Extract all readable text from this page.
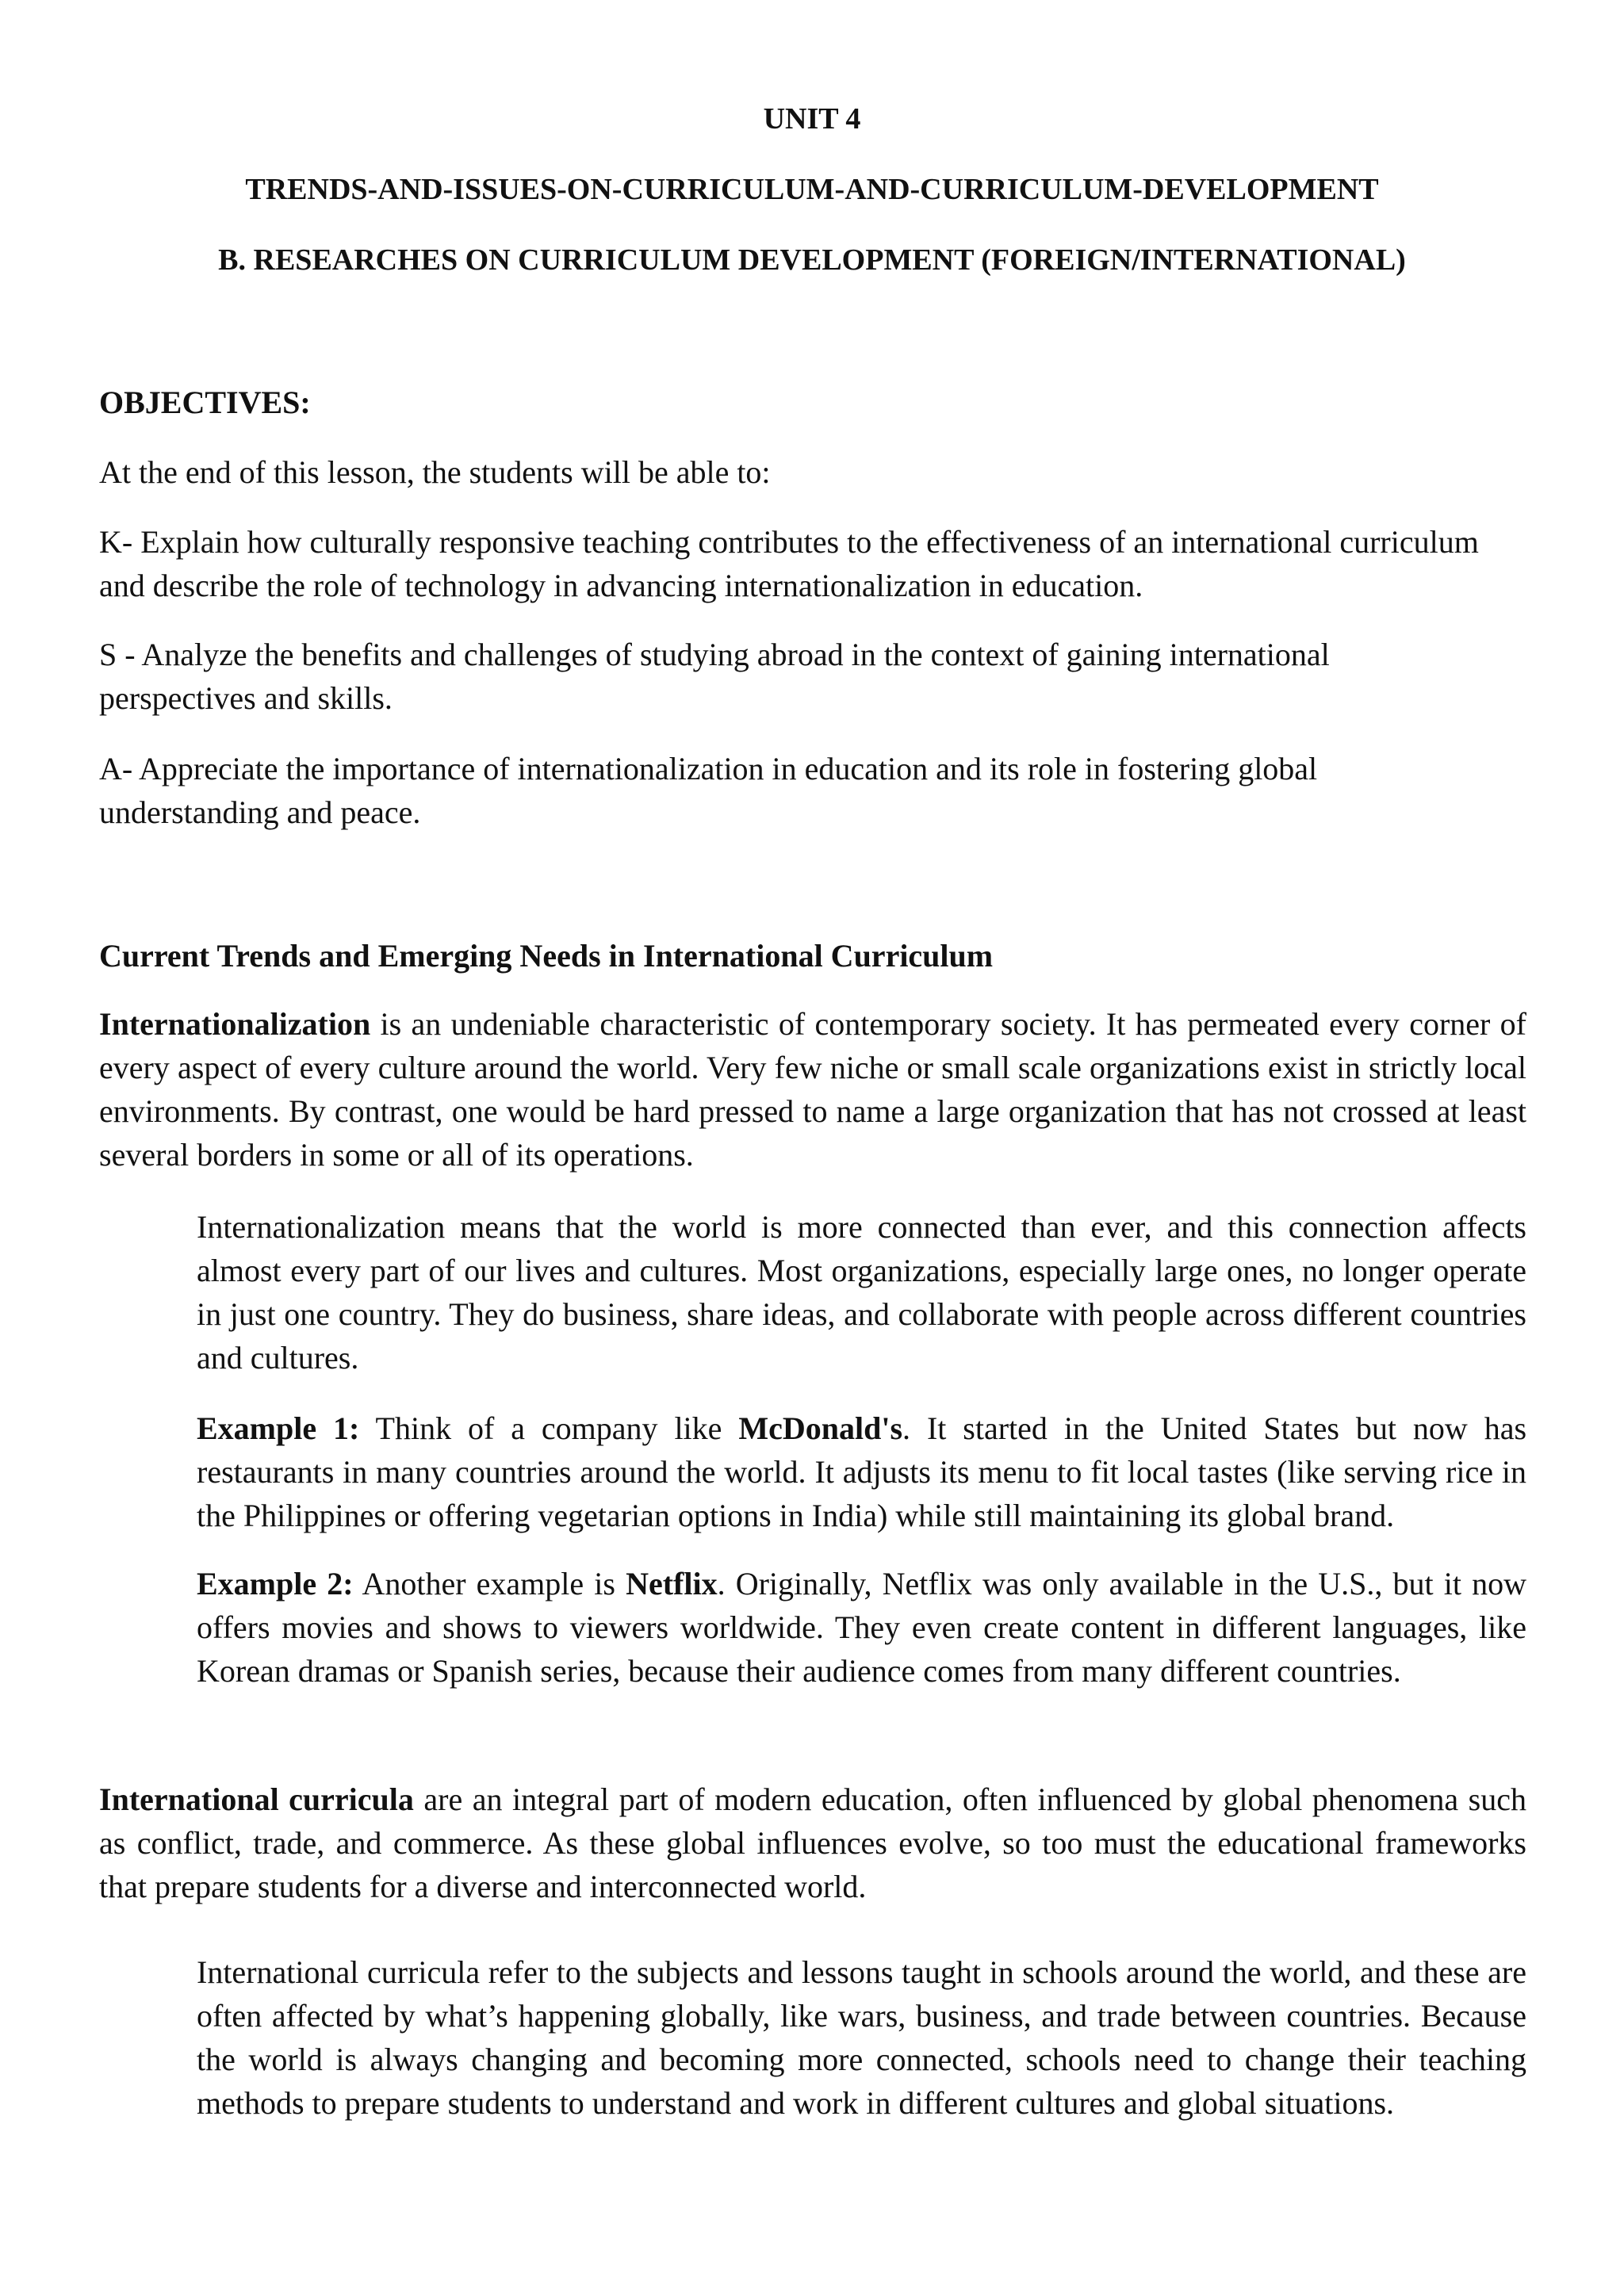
UNIT 4
TRENDS-AND-ISSUES-ON-CURRICULUM-AND-CURRICULUM-DEVELOPMENT
B. RESEARCHES ON CURRICULUM DEVELOPMENT (FOREIGN/INTERNATIONAL)
OBJECTIVES:
At the end of this lesson, the students will be able to:
K- Explain how culturally responsive teaching contributes to the effectiveness of an international curriculum and describe the role of technology in advancing internationalization in education.
S - Analyze the benefits and challenges of studying abroad in the context of gaining international perspectives and skills.
A- Appreciate the importance of internationalization in education and its role in fostering global understanding and peace.
Current Trends and Emerging Needs in International Curriculum
Internationalization is an undeniable characteristic of contemporary society. It has permeated every corner of every aspect of every culture around the world. Very few niche or small scale organizations exist in strictly local environments. By contrast, one would be hard pressed to name a large organization that has not crossed at least several borders in some or all of its operations.
Internationalization means that the world is more connected than ever, and this connection affects almost every part of our lives and cultures. Most organizations, especially large ones, no longer operate in just one country. They do business, share ideas, and collaborate with people across different countries and cultures.
Example 1: Think of a company like McDonald's. It started in the United States but now has restaurants in many countries around the world. It adjusts its menu to fit local tastes (like serving rice in the Philippines or offering vegetarian options in India) while still maintaining its global brand.
Example 2: Another example is Netflix. Originally, Netflix was only available in the U.S., but it now offers movies and shows to viewers worldwide. They even create content in different languages, like Korean dramas or Spanish series, because their audience comes from many different countries.
International curricula are an integral part of modern education, often influenced by global phenomena such as conflict, trade, and commerce. As these global influences evolve, so too must the educational frameworks that prepare students for a diverse and interconnected world.
International curricula refer to the subjects and lessons taught in schools around the world, and these are often affected by what’s happening globally, like wars, business, and trade between countries. Because the world is always changing and becoming more connected, schools need to change their teaching methods to prepare students to understand and work in different cultures and global situations.
